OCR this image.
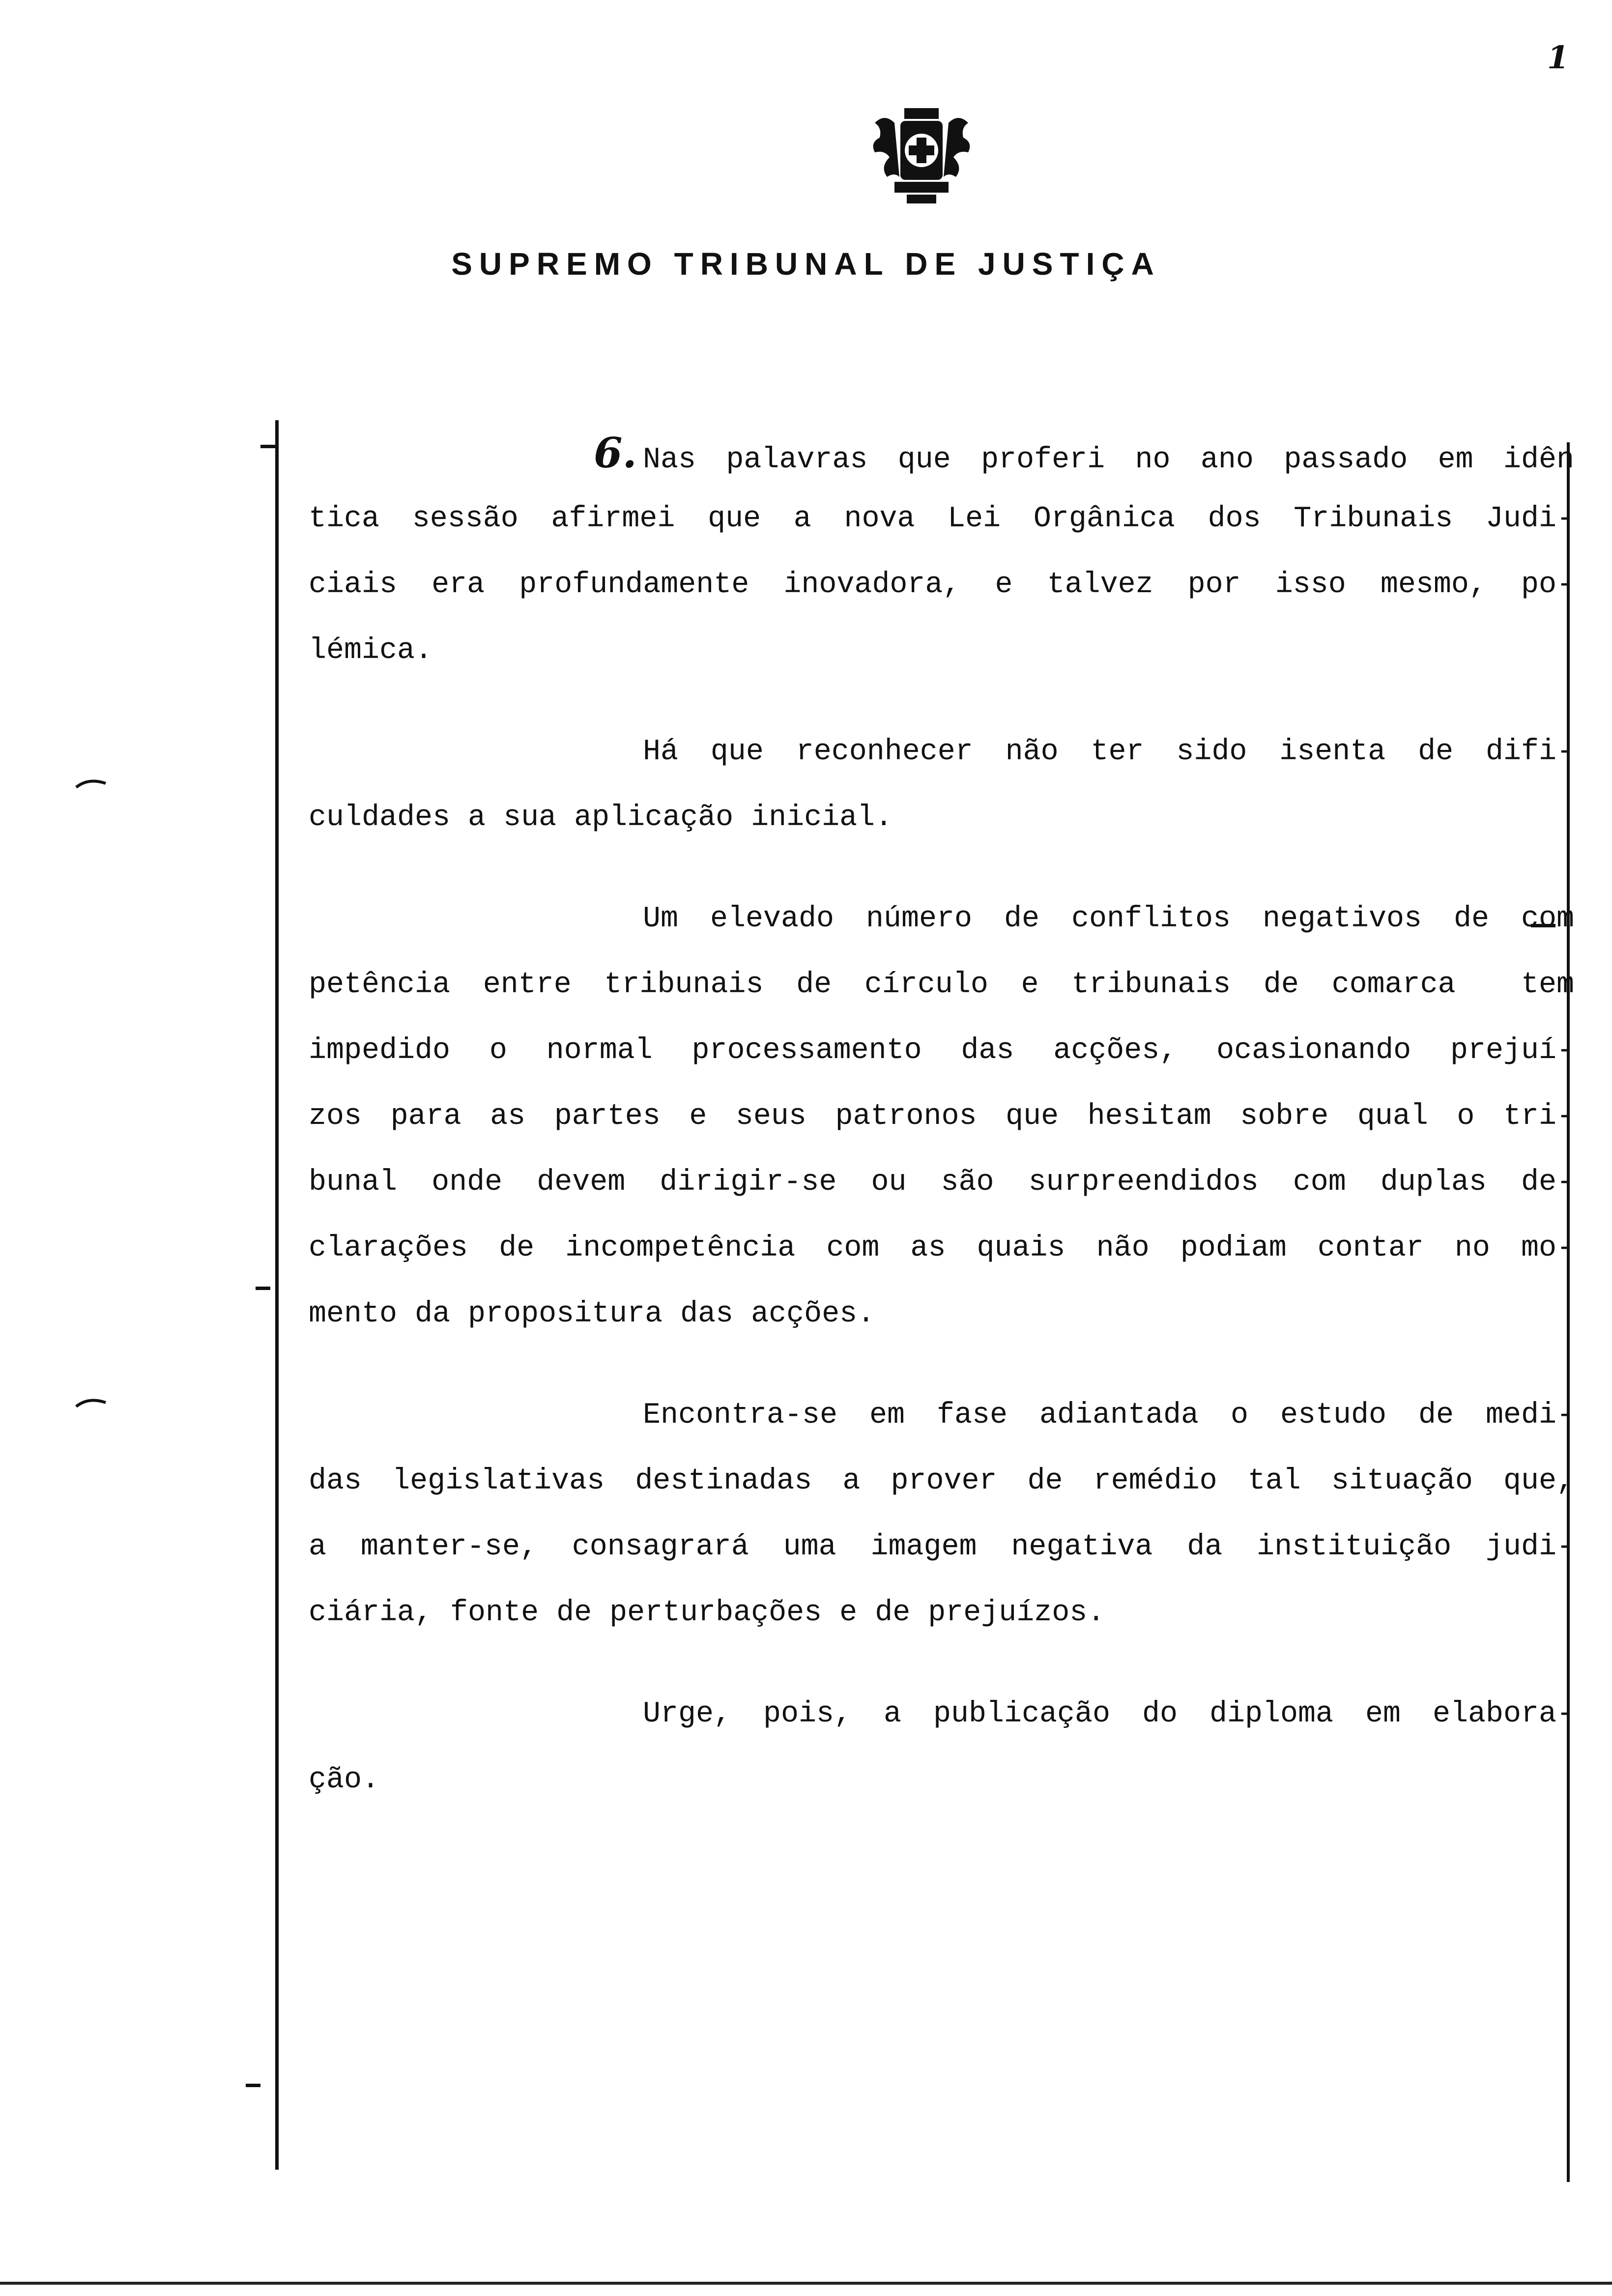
1
SUPREMO TRIBUNAL DE JUSTIÇA
6. Nas palavras que proferi no ano passado em idên
tica sessão afirmei que a nova Lei Orgânica dos Tribunais Judi-
ciais era profundamente inovadora, e talvez por isso mesmo, po-
lémica.
Há que reconhecer não ter sido isenta de difi-
culdades a sua aplicação inicial.
Um elevado número de conflitos negativos de com
petência entre tribunais de círculo e tribunais de comarca  tem
impedido o normal processamento das acções, ocasionando prejuí-
zos para as partes e seus patronos que hesitam sobre qual o tri-
bunal onde devem dirigir-se ou são surpreendidos com duplas de-
clarações de incompetência com as quais não podiam contar no mo-
mento da propositura das acções.
Encontra-se em fase adiantada o estudo de medi-
das legislativas destinadas a prover de remédio tal situação que,
a manter-se, consagrará uma imagem negativa da instituição judi-
ciária, fonte de perturbações e de prejuízos.
Urge, pois, a publicação do diploma em elabora-
ção.
